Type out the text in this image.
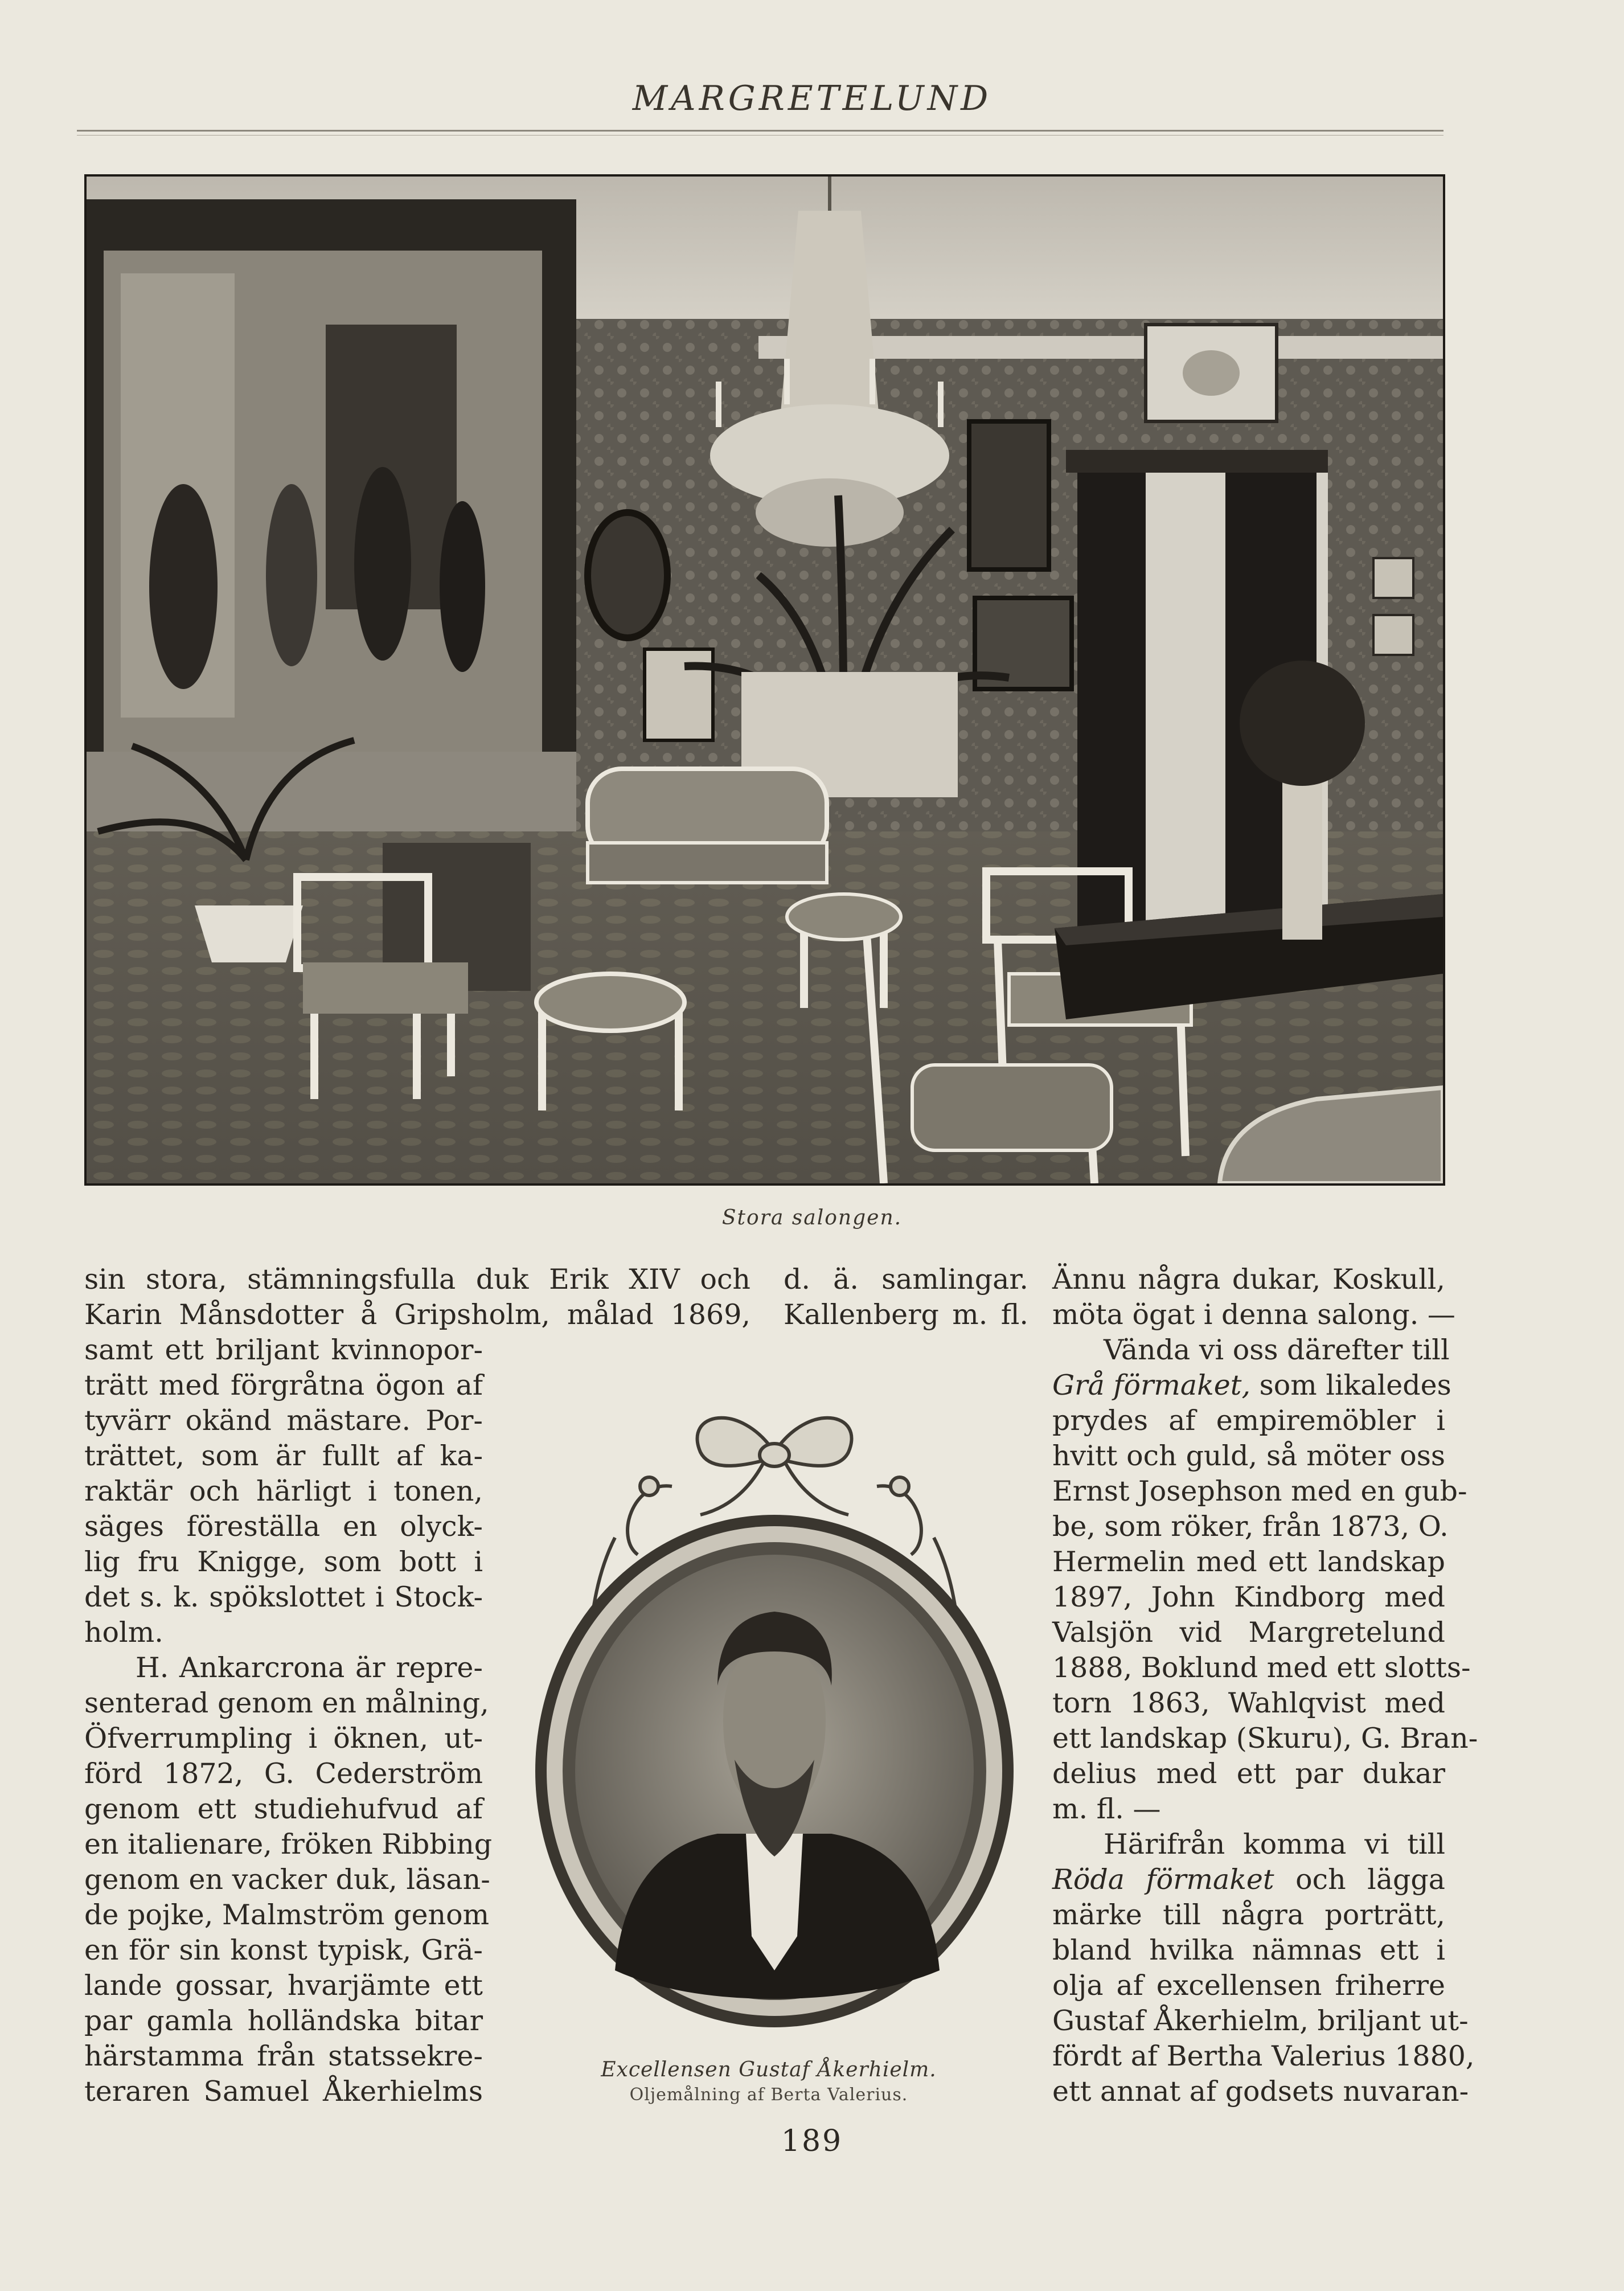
MARGRETELUND
Stora salongen.
sin stora, stämningsfulla duk Erik XIV och
Karin Månsdotter å Gripsholm, målad 1869,
d. ä. samlingar.
Kallenberg m. fl.
Ännu några dukar, Koskull,
möta ögat i denna salong. —
samt ett briljant kvinnopor-
trätt med förgråtna ögon af
tyvärr okänd mästare. Por-
trättet, som är fullt af ka-
raktär och härligt i tonen,
säges föreställa en olyck-
lig fru Knigge, som bott i
det s. k. spökslottet i Stock-
holm.
H. Ankarcrona är repre-
senterad genom en målning,
Öfverrumpling i öknen, ut-
förd 1872, G. Cederström
genom ett studiehufvud af
en italienare, fröken Ribbing
genom en vacker duk, läsan-
de pojke, Malmström genom
en för sin konst typisk, Grä-
lande gossar, hvarjämte ett
par gamla holländska bitar
härstamma från statssekre-
teraren Samuel Åkerhielms
Excellensen Gustaf Åkerhielm.
Oljemålning af Berta Valerius.
Vända vi oss därefter till
Grå förmaket, som likaledes
prydes af empiremöbler i
hvitt och guld, så möter oss
Ernst Josephson med en gub-
be, som röker, från 1873, O.
Hermelin med ett landskap
1897, John Kindborg med
Valsjön vid Margretelund
1888, Boklund med ett slotts-
torn 1863, Wahlqvist med
ett landskap (Skuru), G. Bran-
delius med ett par dukar
m. fl. —
Härifrån komma vi till
Röda förmaket och lägga
märke till några porträtt,
bland hvilka nämnas ett i
olja af excellensen friherre
Gustaf Åkerhielm, briljant ut-
fördt af Bertha Valerius 1880,
ett annat af godsets nuvaran-
189
